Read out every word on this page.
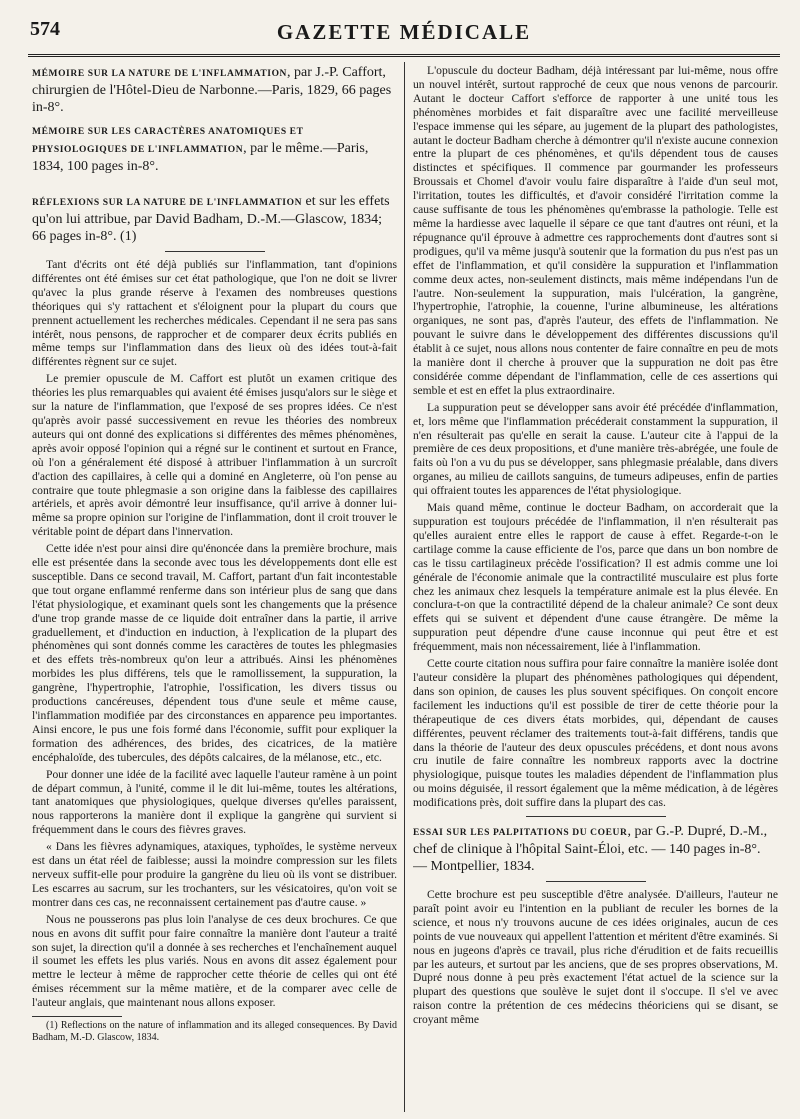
574	GAZETTE MÉDICALE

MÉMOIRE SUR LA NATURE DE L'INFLAMMATION, par J.-P. Caffort, chirurgien de l'Hôtel-Dieu de Narbonne.—Paris, 1829, 66 pages in-8°.

MÉMOIRE SUR LES CARACTÈRES ANATOMIQUES ET PHYSIOLOGIQUES DE L'INFLAMMATION, par le même.—Paris, 1834, 100 pages in-8°.

RÉFLEXIONS SUR LA NATURE DE L'INFLAMMATION et sur les effets qu'on lui attribue, par David Badham, D.-M.—Glascow, 1834; 66 pages in-8°. (1)

Tant d'écrits ont été déjà publiés sur l'inflammation, tant d'opinions différentes ont été émises sur cet état pathologique, que l'on ne doit se livrer qu'avec la plus grande réserve à l'examen des nombreuses questions théoriques qui s'y rattachent et s'éloignent pour la plupart du cours que prennent actuellement les recherches médicales. Cependant il ne sera pas sans intérêt, nous pensons, de rapprocher et de comparer deux écrits publiés en même temps sur l'inflammation dans des lieux où des idées tout-à-fait différentes règnent sur ce sujet.

Le premier opuscule de M. Caffort est plutôt un examen critique des théories les plus remarquables qui avaient été émises jusqu'alors sur le siège et sur la nature de l'inflammation, que l'exposé de ses propres idées. Ce n'est qu'après avoir passé successivement en revue les théories des nombreux auteurs qui ont donné des explications si différentes des mêmes phénomènes, après avoir opposé l'opinion qui a régné sur le continent et surtout en France, où l'on a généralement été disposé à attribuer l'inflammation à un surcroît d'action des capillaires, à celle qui a dominé en Angleterre, où l'on pense au contraire que toute phlegmasie a son origine dans la faiblesse des capillaires artériels, et après avoir démontré leur insuffisance, qu'il arrive à donner lui-même sa propre opinion sur l'origine de l'inflammation, dont il croit trouver le véritable point de départ dans l'innervation.

Cette idée n'est pour ainsi dire qu'énoncée dans la première brochure, mais elle est présentée dans la seconde avec tous les développements dont elle est susceptible. Dans ce second travail, M. Caffort, partant d'un fait incontestable que tout organe enflammé renferme dans son intérieur plus de sang que dans l'état physiologique, et examinant quels sont les changements que la présence d'une trop grande masse de ce liquide doit entraîner dans la partie, il arrive graduellement, et d'induction en induction, à l'explication de la plupart des phénomènes qui sont donnés comme les caractères de toutes les phlegmasies et des effets très-nombreux qu'on leur a attribués. Ainsi les phénomènes morbides les plus différens, tels que le ramollissement, la suppuration, la gangrène, l'hypertrophie, l'atrophie, l'ossification, les divers tissus ou productions cancéreuses, dépendent tous d'une seule et même cause, l'inflammation modifiée par des circonstances en apparence peu importantes. Ainsi encore, le pus une fois formé dans l'économie, suffit pour expliquer la formation des adhérences, des brides, des cicatrices, de la matière encéphaloïde, des tubercules, des dépôts calcaires, de la mélanose, etc., etc.

Pour donner une idée de la facilité avec laquelle l'auteur ramène à un point de départ commun, à l'unité, comme il le dit lui-même, toutes les altérations, tant anatomiques que physiologiques, quelque diverses qu'elles paraissent, nous rapporterons la manière dont il explique la gangrène qui survient si fréquemment dans le cours des fièvres graves.

« Dans les fièvres adynamiques, ataxiques, typhoïdes, le système nerveux est dans un état réel de faiblesse; aussi la moindre compression sur les filets nerveux suffit-elle pour produire la gangrène du lieu où ils vont se distribuer. Les escarres au sacrum, sur les trochanters, sur les vésicatoires, qu'on voit se montrer dans ces cas, ne reconnaissent certainement pas d'autre cause. »

Nous ne pousserons pas plus loin l'analyse de ces deux brochures. Ce que nous en avons dit suffit pour faire connaître la manière dont l'auteur a traité son sujet, la direction qu'il a donnée à ses recherches et l'enchaînement auquel il soumet les effets les plus variés. Nous en avons dit assez également pour mettre le lecteur à même de rapprocher cette théorie de celles qui ont été émises récemment sur la même matière, et de la comparer avec celle de l'auteur anglais, que maintenant nous allons exposer.

(1) Reflections on the nature of inflammation and its alleged consequences. By David Badham, M.-D. Glascow, 1834.

L'opuscule du docteur Badham, déjà intéressant par lui-même, nous offre un nouvel intérêt, surtout rapproché de ceux que nous venons de parcourir. Autant le docteur Caffort s'efforce de rapporter à une unité tous les phénomènes morbides et fait disparaître avec une facilité merveilleuse l'espace immense qui les sépare, au jugement de la plupart des pathologistes, autant le docteur Badham cherche à démontrer qu'il n'existe aucune connexion entre la plupart de ces phénomènes, et qu'ils dépendent tous de causes distinctes et spécifiques. Il commence par gourmander les professeurs Broussais et Chomel d'avoir voulu faire disparaître à l'aide d'un seul mot, l'irritation, toutes les difficultés, et d'avoir considéré l'irritation comme la cause suffisante de tous les phénomènes qu'embrasse la pathologie. Telle est même la hardiesse avec laquelle il sépare ce que tant d'autres ont réuni, et la répugnance qu'il éprouve à admettre ces rapprochements dont d'autres sont si prodigues, qu'il va même jusqu'à soutenir que la formation du pus n'est pas un effet de l'inflammation, et qu'il considère la suppuration et l'inflammation comme deux actes, non-seulement distincts, mais même indépendans l'un de l'autre. Non-seulement la suppuration, mais l'ulcération, la gangrène, l'hypertrophie, l'atrophie, la couenne, l'urine albumineuse, les altérations organiques, ne sont pas, d'après l'auteur, des effets de l'inflammation. Ne pouvant le suivre dans le développement des différentes discussions qu'il établit à ce sujet, nous allons nous contenter de faire connaître en peu de mots la manière dont il cherche à prouver que la suppuration ne doit pas être considérée comme dépendant de l'inflammation, celle de ces assertions qui semble et est en effet la plus extraordinaire.

La suppuration peut se développer sans avoir été précédée d'inflammation, et, lors même que l'inflammation précéderait constamment la suppuration, il n'en résulterait pas qu'elle en serait la cause. L'auteur cite à l'appui de la première de ces deux propositions, et d'une manière très-abrégée, une foule de faits où l'on a vu du pus se développer, sans phlegmasie préalable, dans divers organes, au milieu de caillots sanguins, de tumeurs adipeuses, enfin de parties qui offraient toutes les apparences de l'état physiologique.

Mais quand même, continue le docteur Badham, on accorderait que la suppuration est toujours précédée de l'inflammation, il n'en résulterait pas qu'elles auraient entre elles le rapport de cause à effet. Regarde-t-on le cartilage comme la cause efficiente de l'os, parce que dans un bon nombre de cas le tissu cartilagineux précède l'ossification? Il est admis comme une loi générale de l'économie animale que la contractilité musculaire est plus forte chez les animaux chez lesquels la température animale est la plus élevée. En conclura-t-on que la contractilité dépend de la chaleur animale? Ce sont deux effets qui se suivent et dépendent d'une cause étrangère. De même la suppuration peut dépendre d'une cause inconnue qui peut être et est fréquemment, mais non nécessairement, liée à l'inflammation.

Cette courte citation nous suffira pour faire connaître la manière isolée dont l'auteur considère la plupart des phénomènes pathologiques qui dépendent, dans son opinion, de causes les plus souvent spécifiques. On conçoit encore facilement les inductions qu'il est possible de tirer de cette théorie pour la thérapeutique de ces divers états morbides, qui, dépendant de causes différentes, peuvent réclamer des traitements tout-à-fait différens, tandis que dans la théorie de l'auteur des deux opuscules précédens, et dont nous avons cru inutile de faire connaître les nombreux rapports avec la doctrine physiologique, puisque toutes les maladies dépendent de l'inflammation plus ou moins déguisée, il ressort également que la même médication, à de légères modifications près, doit suffire dans la plupart des cas.

ESSAI SUR LES PALPITATIONS DU COEUR, par G.-P. Dupré, D.-M., chef de clinique à l'hôpital Saint-Éloi, etc. — 140 pages in-8°. — Montpellier, 1834.

Cette brochure est peu susceptible d'être analysée. D'ailleurs, l'auteur ne paraît point avoir eu l'intention en la publiant de reculer les bornes de la science, et nous n'y trouvons aucune de ces idées originales, aucun de ces points de vue nouveaux qui appellent l'attention et méritent d'être examinés. Si nous en jugeons d'après ce travail, plus riche d'érudition et de faits recueillis par les auteurs, et surtout par les anciens, que de ses propres observations, M. Dupré nous donne à peu près exactement l'état actuel de la science sur la plupart des questions que soulève le sujet dont il s'occupe. Il s'el ve avec raison contre la prétention de ces médecins théoriciens qui se disant, se croyant même
